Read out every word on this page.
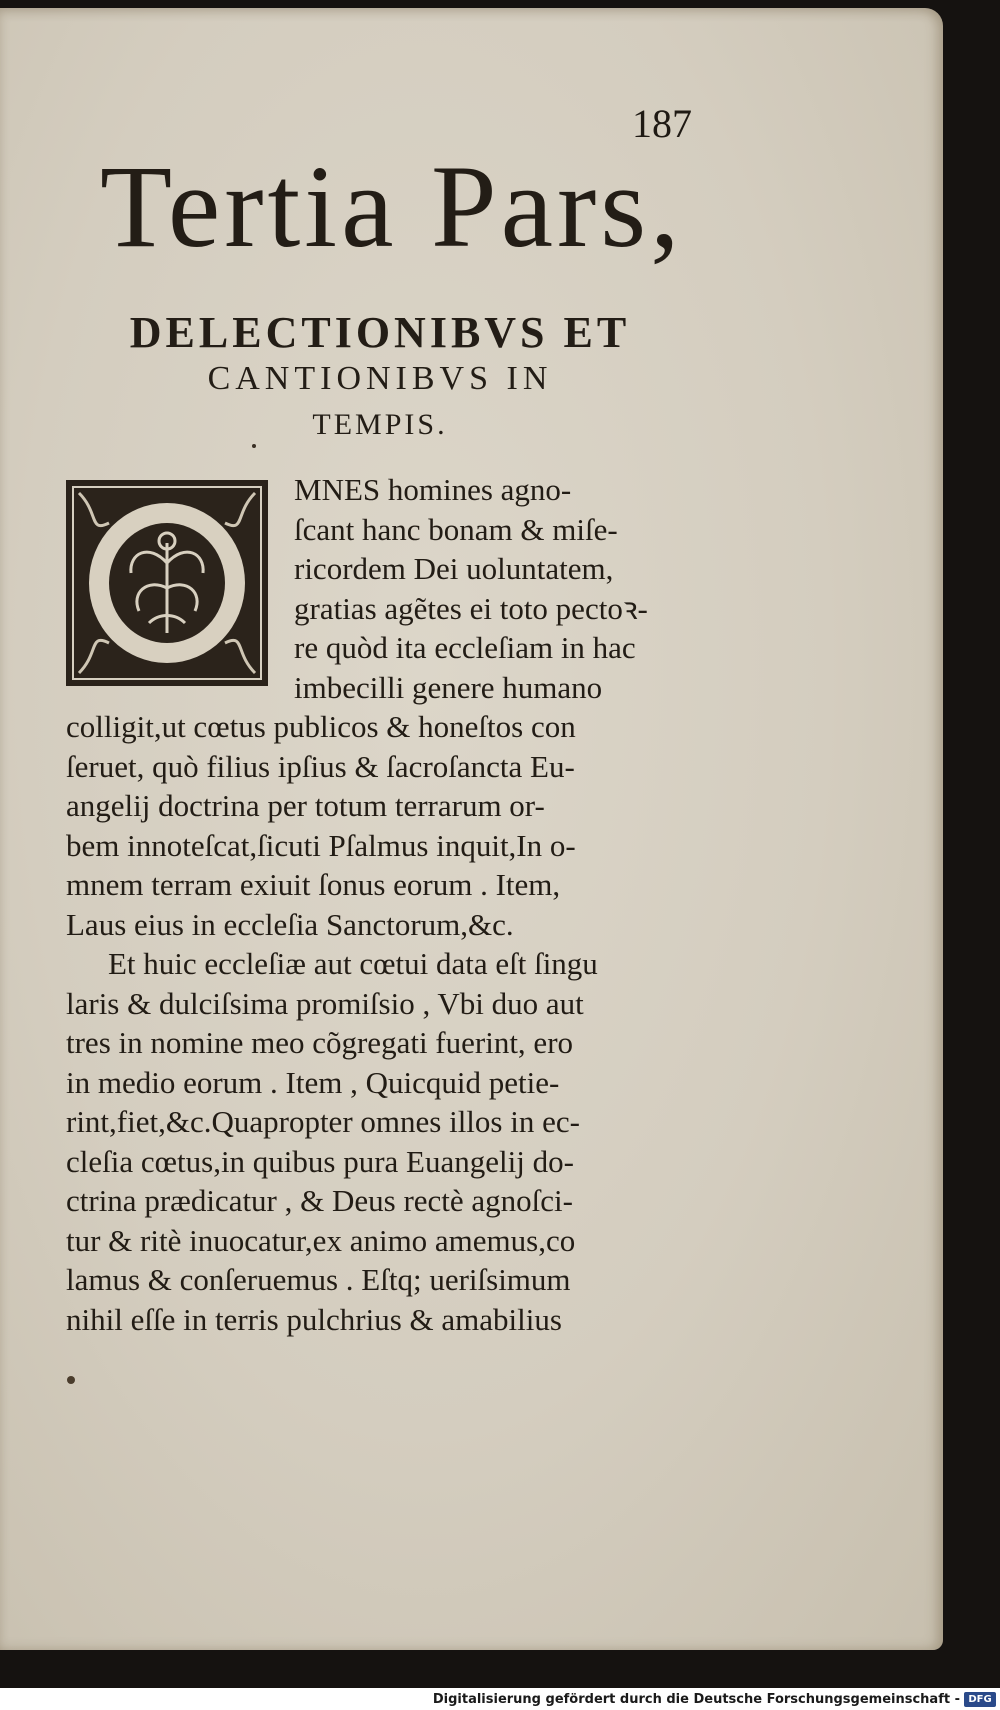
187
Tertia Pars,
DELECTIONIBVS ET
CANTIONIBVS IN
TEMPIS.
MNES homines agno-
ſcant hanc bonam & miſe-
ricordem Dei uoluntatem,
gratias agẽtes ei toto pectoꝛ-
re quòd ita eccleſiam in hac
imbecilli genere humano
colligit,ut cœtus publicos & honeſtos con
ſeruet, quò filius ipſius & ſacroſancta Eu-
angelij doctrina per totum terrarum or-
bem innoteſcat,ſicuti Pſalmus inquit,In o-
mnem terram exiuit ſonus eorum . Item,
Laus eius in eccleſia Sanctorum,&c.
Et huic eccleſiæ aut cœtui data eſt ſingu
laris & dulciſsima promiſsio , Vbi duo aut
tres in nomine meo cõgregati fuerint, ero
in medio eorum . Item , Quicquid petie-
rint,fiet,&c.Quapropter omnes illos in ec-
cleſia cœtus,in quibus pura Euangelij do-
ctrina prædicatur , & Deus rectè agnoſci-
tur & ritè inuocatur,ex animo amemus,co
lamus & conſeruemus . Eſtq; ueriſsimum
nihil eſſe in terris pulchrius & amabilius
Digitalisierung gefördert durch die Deutsche Forschungsgemeinschaft - DFG
